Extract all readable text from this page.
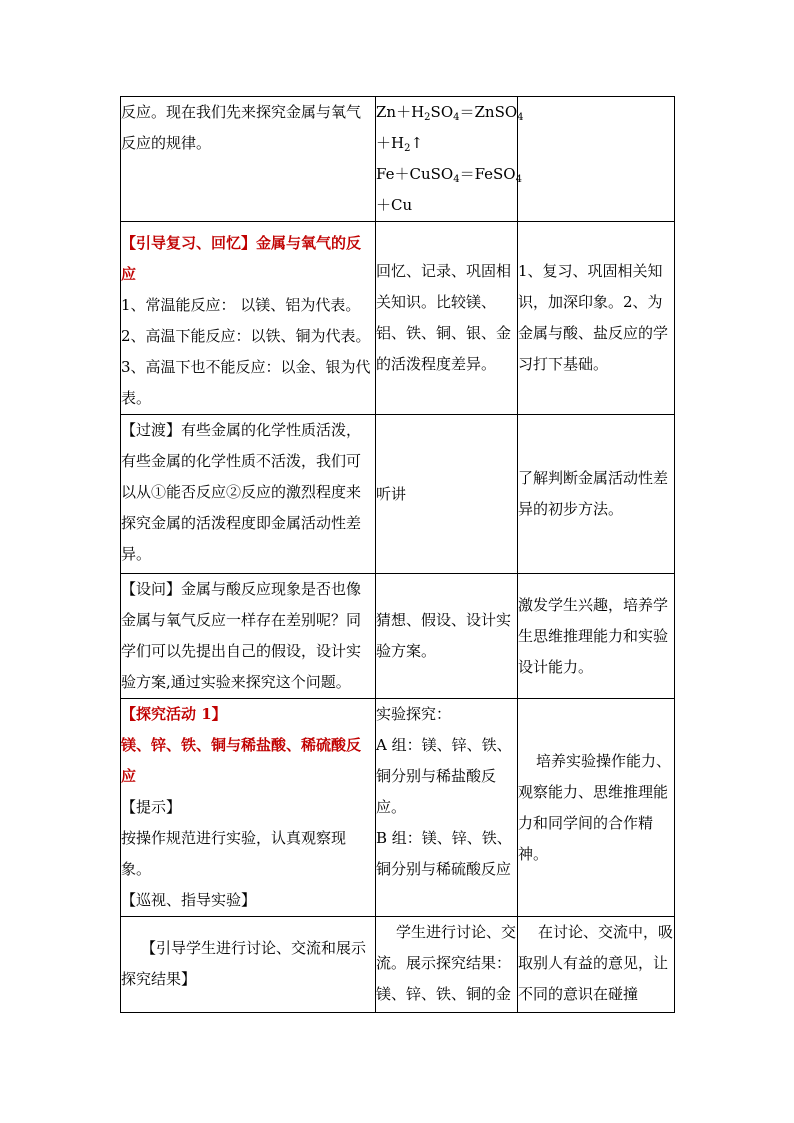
反应。现在我们先来探究金属与氧气
反应的规律。	$Zn+H_2SO_4=ZnSO_4$
$+H_2↑$
Fe＋CuSO$_4$＝FeSO$_4$
＋Cu	

【引导复习、回忆】金属与氧气的反应
1、常温能反应： 以镁、铝为代表。
2、高温下能反应：以铁、铜为代表。
3、高温下也不能反应：以金、银为代表。	回忆、记录、巩固相关知识。比较镁、铝、铁、铜、银、金的活泼程度差异。	1、复习、巩固相关知识，加深印象。2、为金属与酸、盐反应的学习打下基础。

【过渡】有些金属的化学性质活泼，有些金属的化学性质不活泼，我们可以从①能否反应②反应的激烈程度来探究金属的活泼程度即金属活动性差异。	听讲	了解判断金属活动性差异的初步方法。

【设问】金属与酸反应现象是否也像金属与氧气反应一样存在差别呢？同学们可以先提出自己的假设，设计实验方案,通过实验来探究这个问题。	猜想、假设、设计实验方案。	激发学生兴趣，培养学生思维推理能力和实验设计能力。

【探究活动 1】
镁、锌、铁、铜与稀盐酸、稀硫酸反应
【提示】
按操作规范进行实验，认真观察现象。
【巡视、指导实验】	实验探究：
A 组：镁、锌、铁、铜分别与稀盐酸反应。
B 组：镁、锌、铁、铜分别与稀硫酸反应	培养实验操作能力、观察能力、思维推理能力和同学间的合作精神。

【引导学生进行讨论、交流和展示探究结果】	学生进行讨论、交流。展示探究结果：镁、锌、铁、铜的金	在讨论、交流中，吸取别人有益的意见，让不同的意识在碰撞
